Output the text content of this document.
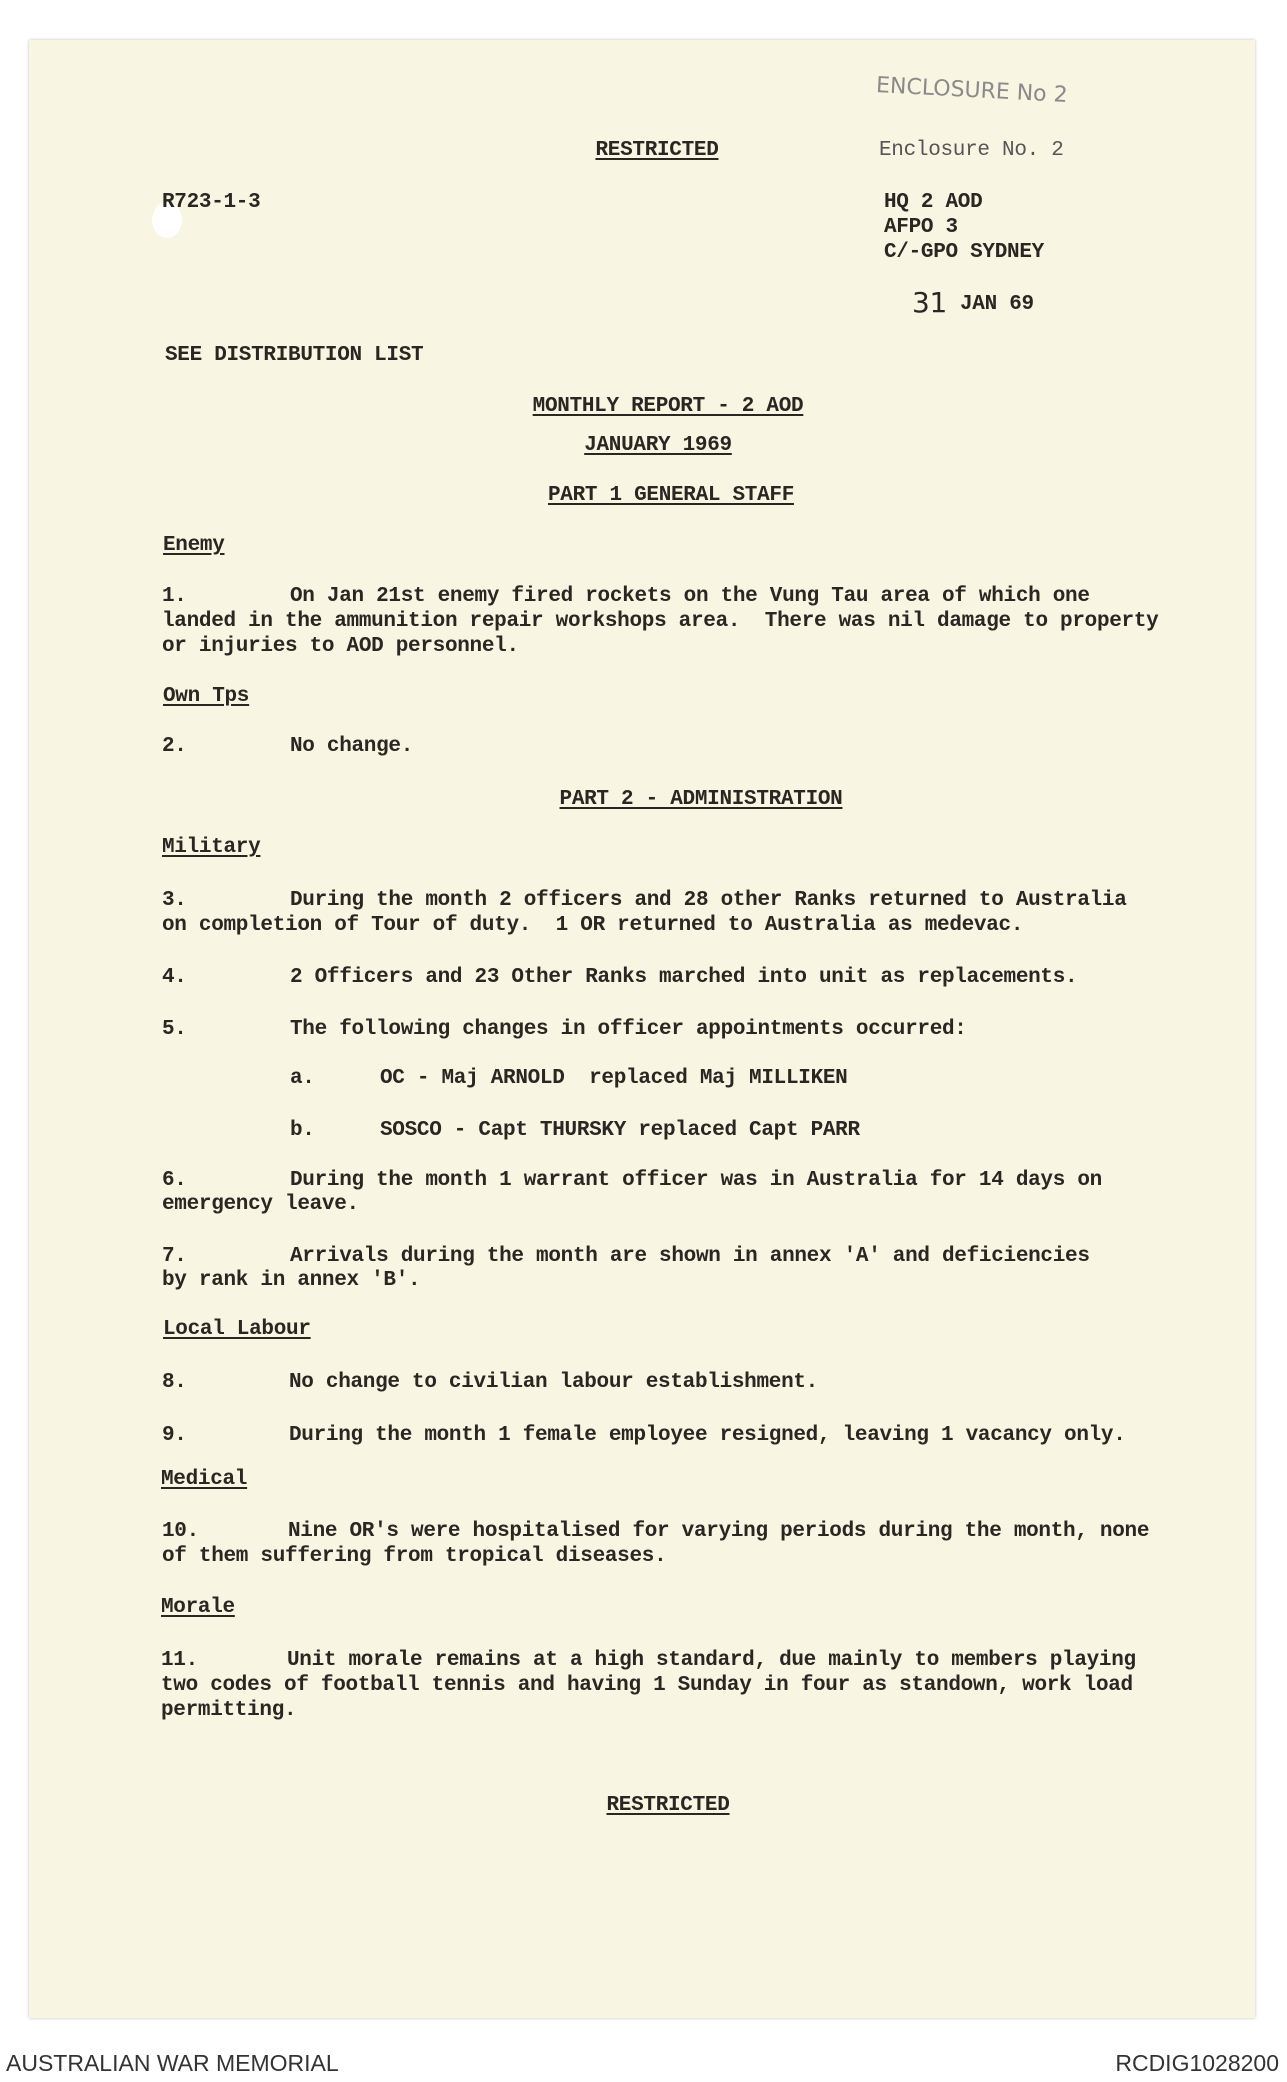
RESTRICTED
ENCLOSURE No 2
Enclosure No. 2
R723-1-3	HQ 2 AOD
AFPO 3
C/-GPO SYDNEY
31 JAN 69
SEE DISTRIBUTION LIST
MONTHLY REPORT - 2 AOD
JANUARY 1969
PART 1 GENERAL STAFF
Enemy
1.	On Jan 21st enemy fired rockets on the Vung Tau area of which one
landed in the ammunition repair workshops area.  There was nil damage to property
or injuries to AOD personnel.
Own Tps
2.	No change.
PART 2 - ADMINISTRATION
Military
3.	During the month 2 officers and 28 other Ranks returned to Australia
on completion of Tour of duty.  1 OR returned to Australia as medevac.
4.	2 Officers and 23 Other Ranks marched into unit as replacements.
5.	The following changes in officer appointments occurred:
a.	OC - Maj ARNOLD  replaced Maj MILLIKEN
b.	SOSCO - Capt THURSKY replaced Capt PARR
6.	During the month 1 warrant officer was in Australia for 14 days on
emergency leave.
7.	Arrivals during the month are shown in annex 'A' and deficiencies
by rank in annex 'B'.
Local Labour
8.	No change to civilian labour establishment.
9.	During the month 1 female employee resigned, leaving 1 vacancy only.
Medical
10.	Nine OR's were hospitalised for varying periods during the month, none
of them suffering from tropical diseases.
Morale
11.	Unit morale remains at a high standard, due mainly to members playing
two codes of football tennis and having 1 Sunday in four as standown, work load
permitting.
RESTRICTED
AUSTRALIAN WAR MEMORIAL	RCDIG1028200
